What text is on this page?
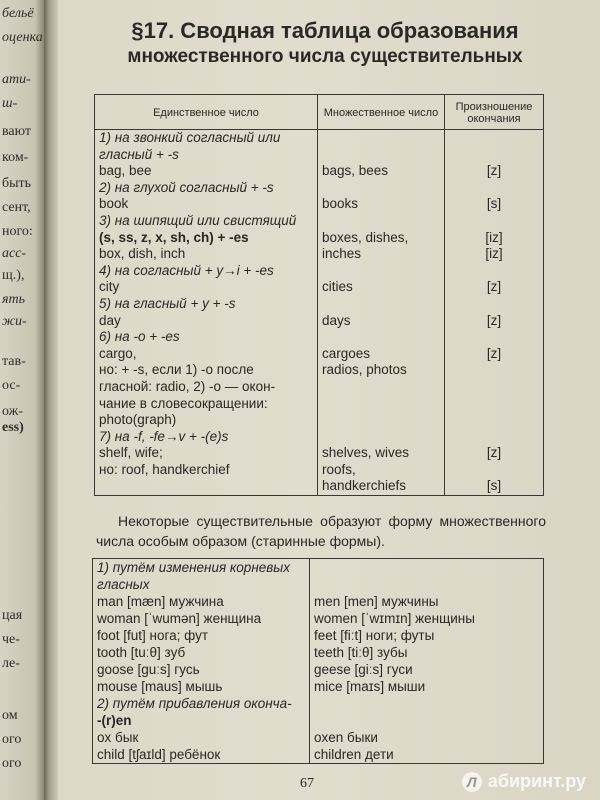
бельё
оценка
ати-
ш-
вают
ком-
быть
сент,
ного:
асс-
щ.),
ять
жи-
тав-
ос-
ож-
ess)
цая
че-
ле-
ом
ого
ого
§17. Сводная таблица образования
множественного числа существительных
Единственное число	Множественное число	Произношение окончания
1) на звонкий согласный или		
гласный + -s		
bag, bee	bags, bees	[z]
2) на глухой согласный + -s		
book	books	[s]
3) на шипящий или свистящий		
(s, ss, z, x, sh, ch) + -es	boxes, dishes,	[iz]
box, dish, inch	inches	[iz]
4) на согласный + y→i + -es		
city	cities	[z]
5) на гласный + y + -s		
day	days	[z]
6) на -o + -es		
cargo,	cargoes	[z]
но: + -s, если 1) -o после	radios, photos	
гласной: radio, 2) -o — окон-		
чание в словесокращении:		
photo(graph)		
7) на -f, -fe→v + -(e)s		
shelf, wife;	shelves, wives	[z]
но: roof, handkerchief	roofs,	
	handkerchiefs	[s]
Некоторые существительные образуют форму множественного числа особым образом (старинные формы).
1) путём изменения корневых	
гласных	
man [mæn] мужчина	men [men] мужчины
woman [ˈwumən] женщина	women [ˈwɪmɪn] женщины
foot [fut] нога; фут	feet [fiːt] ноги; футы
tooth [tuːθ] зуб	teeth [tiːθ] зубы
goose [guːs] гусь	geese [giːs] гуси
mouse [maus] мышь	mice [maɪs] мыши
2) путём прибавления оконча-	
-(r)en	
ox бык	oxen быки
child [tʃaɪld] ребёнок	children дети
67	Л абиринт.ру
